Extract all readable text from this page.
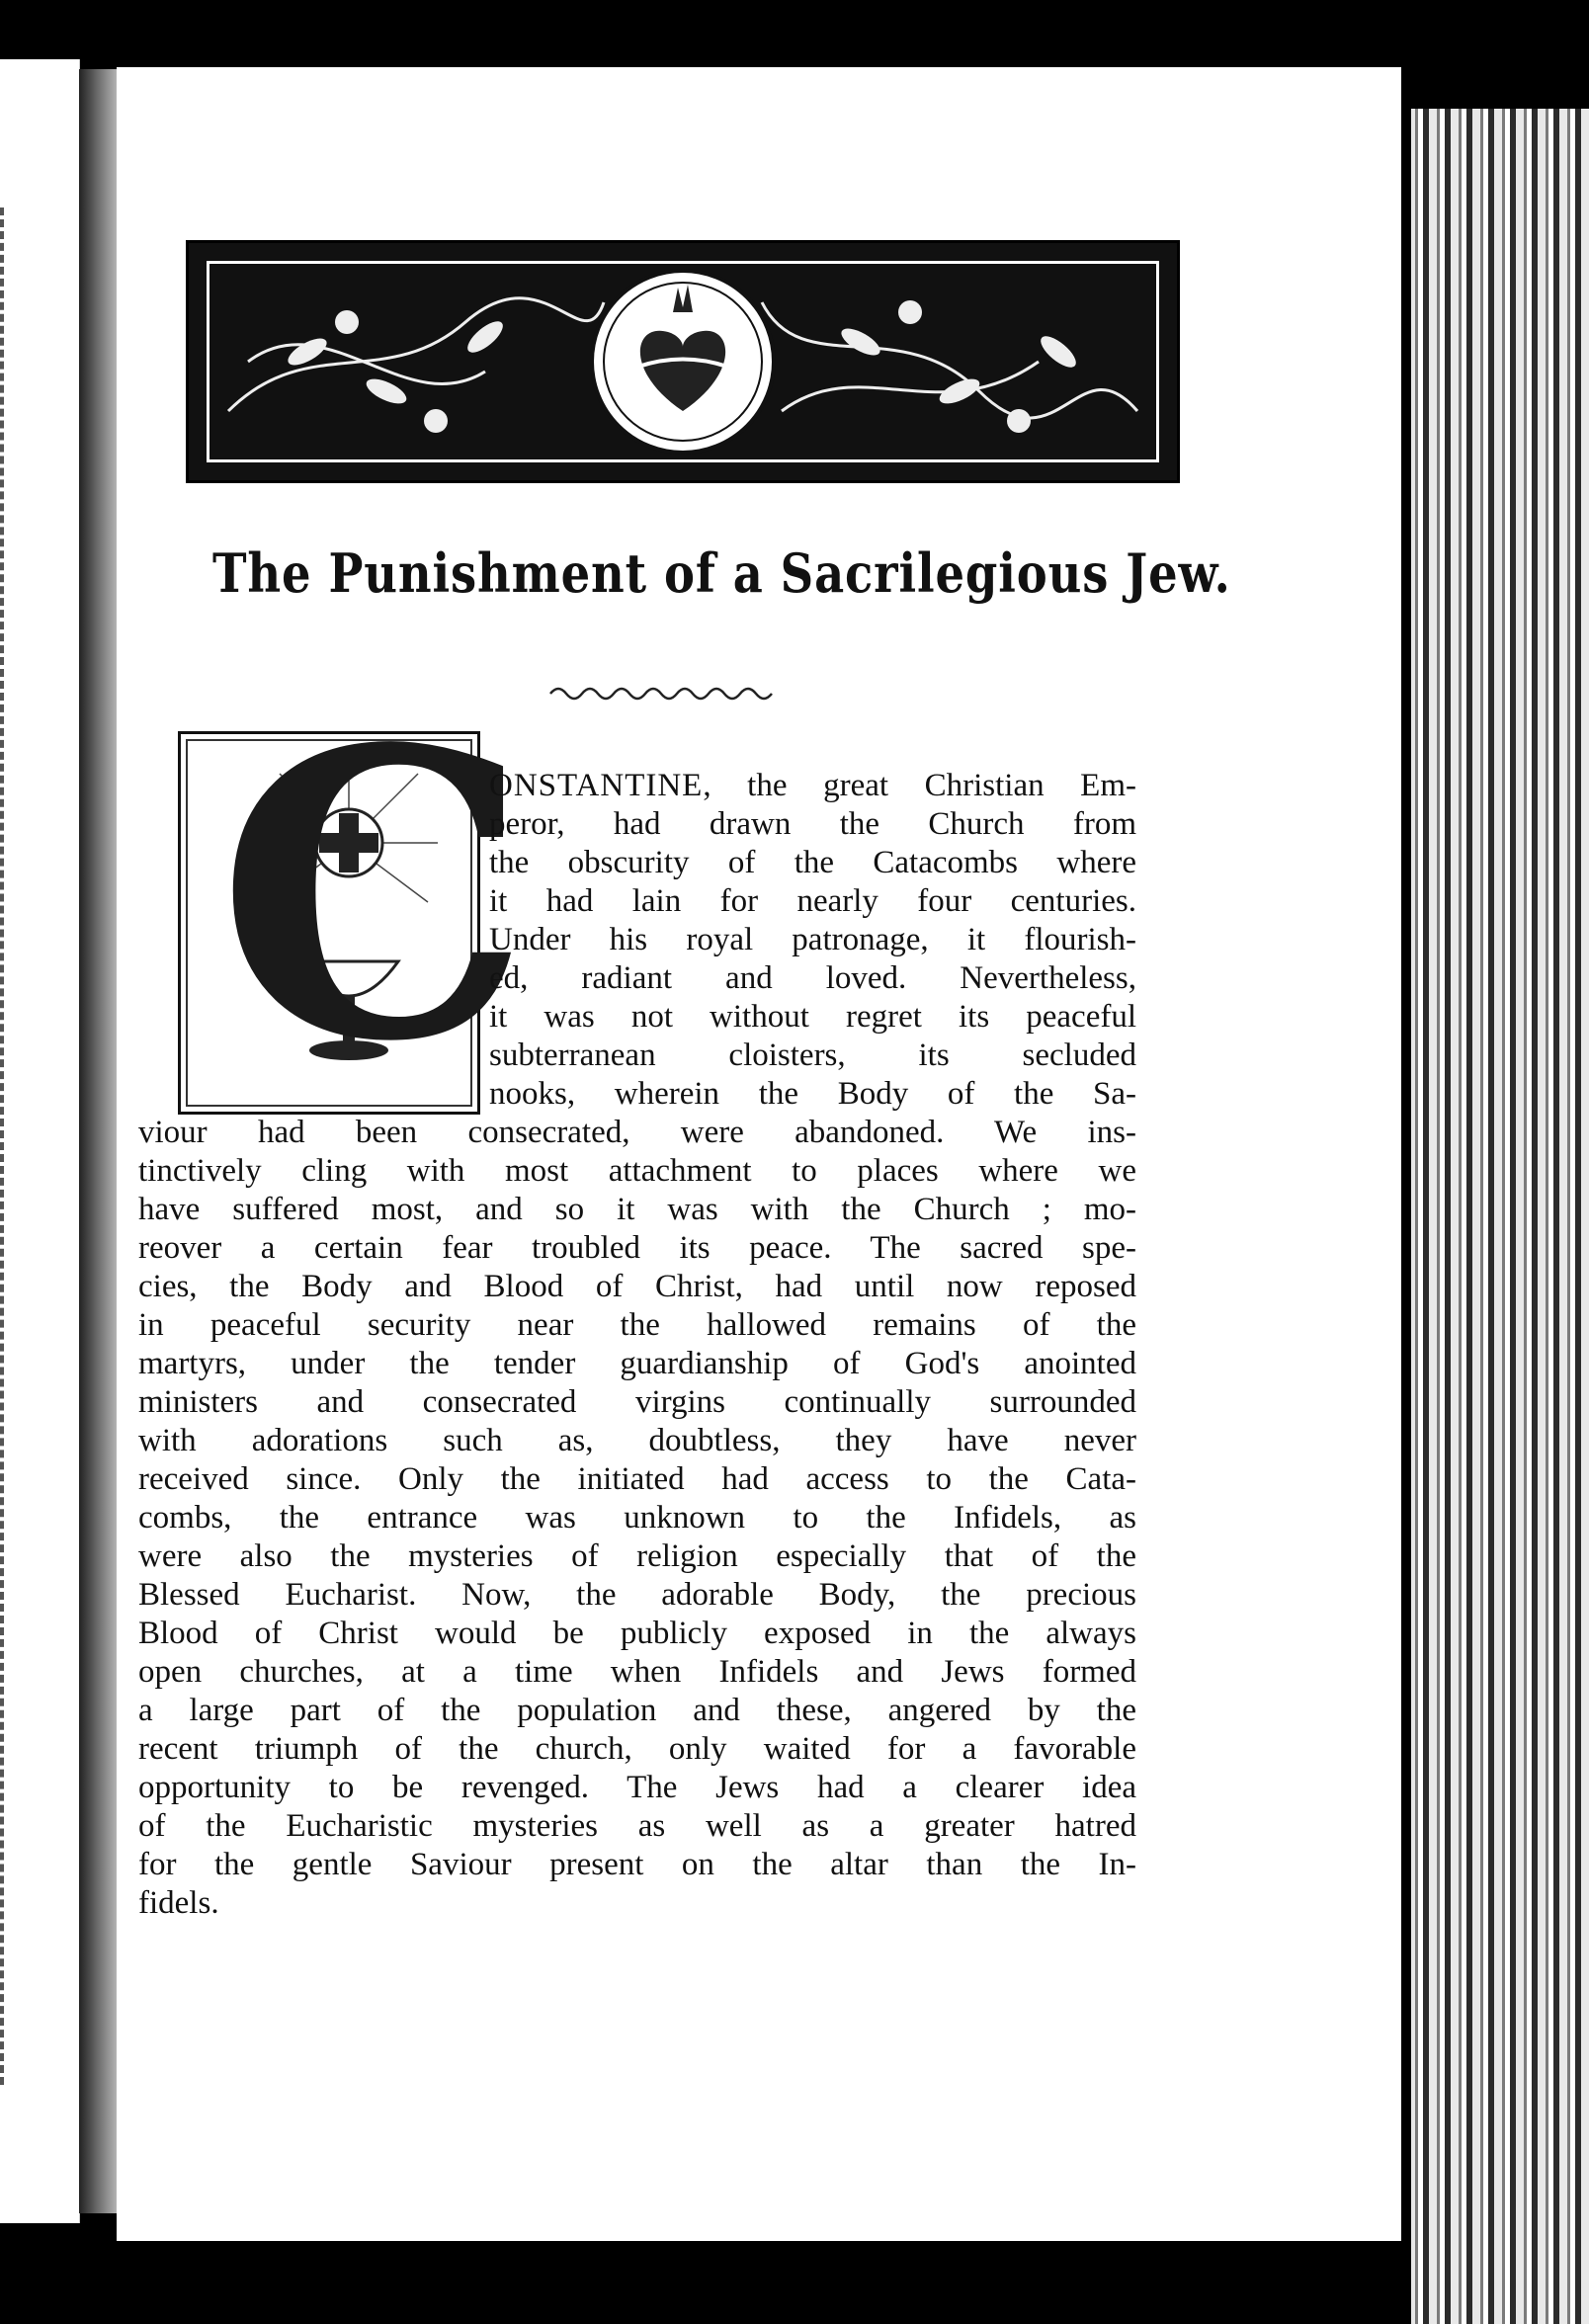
The Punishment of a Sacrilegious Jew.
C
ONSTANTINE, the great Christian Em-
peror, had drawn the Church from
the obscurity of the Catacombs where
it had lain for nearly four centuries.
Under his royal patronage, it flourish-
ed, radiant and loved. Nevertheless,
it was not without regret its peaceful
subterranean cloisters, its secluded
nooks, wherein the Body of the Sa-
viour had been consecrated, were abandoned. We ins-
tinctively cling with most attachment to places where we
have suffered most, and so it was with the Church ; mo-
reover a certain fear troubled its peace. The sacred spe-
cies, the Body and Blood of Christ, had until now reposed
in peaceful security near the hallowed remains of the
martyrs, under the tender guardianship of God's anointed
ministers and consecrated virgins continually surrounded
with adorations such as, doubtless, they have never
received since. Only the initiated had access to the Cata-
combs, the entrance was unknown to the Infidels, as
were also the mysteries of religion especially that of the
Blessed Eucharist. Now, the adorable Body, the precious
Blood of Christ would be publicly exposed in the always
open churches, at a time when Infidels and Jews formed
a large part of the population and these, angered by the
recent triumph of the church, only waited for a favorable
opportunity to be revenged. The Jews had a clearer idea
of the Eucharistic mysteries as well as a greater hatred
for the gentle Saviour present on the altar than the In-
fidels.
